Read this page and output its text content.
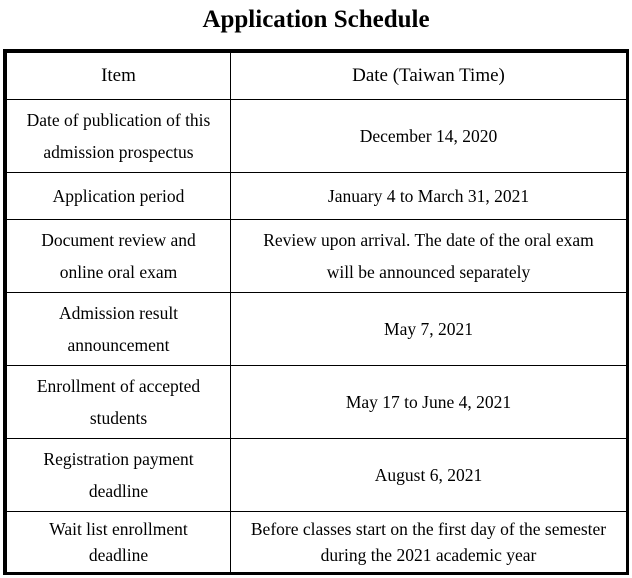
Application Schedule
Item	Date (Taiwan Time)

Date of publication of this
admission prospectus	December 14, 2020

Application period	January 4 to March 31, 2021

Document review and
online oral exam	Review upon arrival. The date of the oral exam
will be announced separately

Admission result
announcement	May 7, 2021

Enrollment of accepted
students	May 17 to June 4, 2021

Registration payment
deadline	August 6, 2021

Wait list enrollment
deadline	Before classes start on the first day of the semester
during the 2021 academic year
